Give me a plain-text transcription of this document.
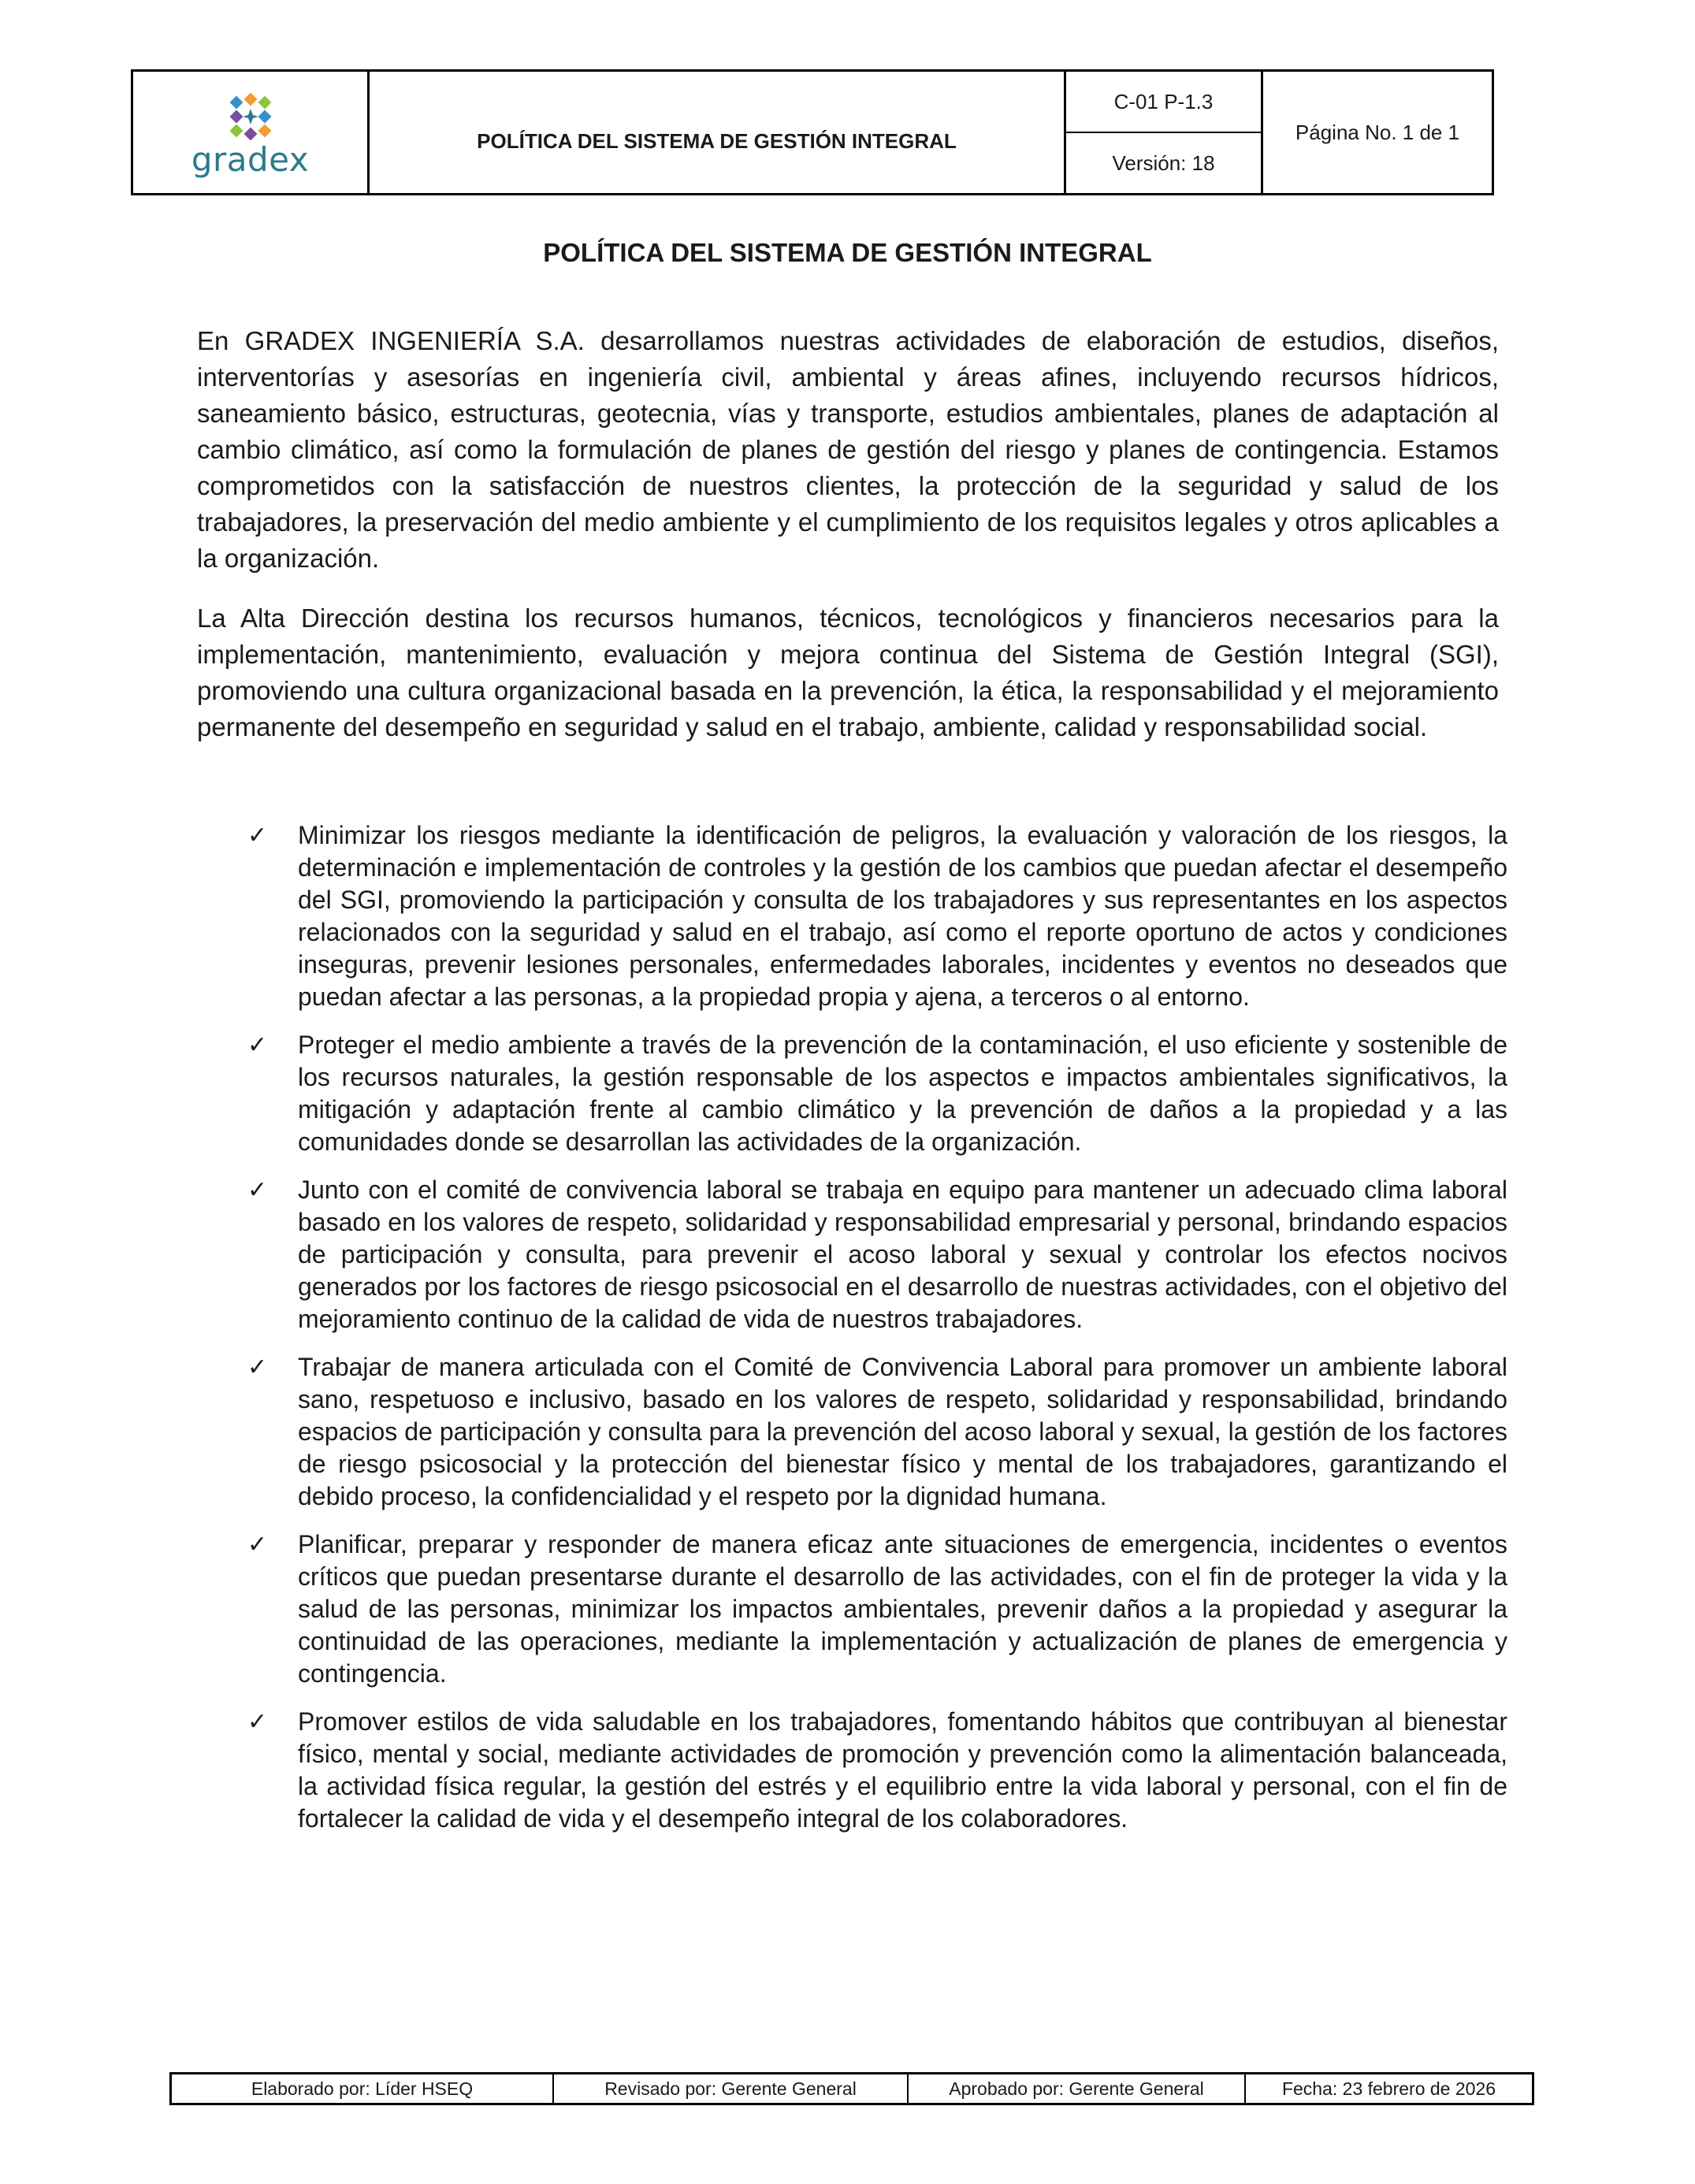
gradex	POLÍTICA DEL SISTEMA DE GESTIÓN INTEGRAL
C-01 P-1.3
Versión: 18
Página No. 1 de 1
POLÍTICA DEL SISTEMA DE GESTIÓN INTEGRAL

En GRADEX INGENIERÍA S.A. desarrollamos nuestras actividades de elaboración de estudios, diseños, interventorías y asesorías en ingeniería civil, ambiental y áreas afines, incluyendo recursos hídricos, saneamiento básico, estructuras, geotecnia, vías y transporte, estudios ambientales, planes de adaptación al cambio climático, así como la formulación de planes de gestión del riesgo y planes de contingencia. Estamos comprometidos con la satisfacción de nuestros clientes, la protección de la seguridad y salud de los trabajadores, la preservación del medio ambiente y el cumplimiento de los requisitos legales y otros aplicables a la organización.

La Alta Dirección destina los recursos humanos, técnicos, tecnológicos y financieros necesarios para la implementación, mantenimiento, evaluación y mejora continua del Sistema de Gestión Integral (SGI), promoviendo una cultura organizacional basada en la prevención, la ética, la responsabilidad y el mejoramiento permanente del desempeño en seguridad y salud en el trabajo, ambiente, calidad y responsabilidad social.

✓ Minimizar los riesgos mediante la identificación de peligros, la evaluación y valoración de los riesgos, la determinación e implementación de controles y la gestión de los cambios que puedan afectar el desempeño del SGI, promoviendo la participación y consulta de los trabajadores y sus representantes en los aspectos relacionados con la seguridad y salud en el trabajo, así como el reporte oportuno de actos y condiciones inseguras, prevenir lesiones personales, enfermedades laborales, incidentes y eventos no deseados que puedan afectar a las personas, a la propiedad propia y ajena, a terceros o al entorno.
✓ Proteger el medio ambiente a través de la prevención de la contaminación, el uso eficiente y sostenible de los recursos naturales, la gestión responsable de los aspectos e impactos ambientales significativos, la mitigación y adaptación frente al cambio climático y la prevención de daños a la propiedad y a las comunidades donde se desarrollan las actividades de la organización.
✓ Junto con el comité de convivencia laboral se trabaja en equipo para mantener un adecuado clima laboral basado en los valores de respeto, solidaridad y responsabilidad empresarial y personal, brindando espacios de participación y consulta, para prevenir el acoso laboral y sexual y controlar los efectos nocivos generados por los factores de riesgo psicosocial en el desarrollo de nuestras actividades, con el objetivo del mejoramiento continuo de la calidad de vida de nuestros trabajadores.
✓ Trabajar de manera articulada con el Comité de Convivencia Laboral para promover un ambiente laboral sano, respetuoso e inclusivo, basado en los valores de respeto, solidaridad y responsabilidad, brindando espacios de participación y consulta para la prevención del acoso laboral y sexual, la gestión de los factores de riesgo psicosocial y la protección del bienestar físico y mental de los trabajadores, garantizando el debido proceso, la confidencialidad y el respeto por la dignidad humana.
✓ Planificar, preparar y responder de manera eficaz ante situaciones de emergencia, incidentes o eventos críticos que puedan presentarse durante el desarrollo de las actividades, con el fin de proteger la vida y la salud de las personas, minimizar los impactos ambientales, prevenir daños a la propiedad y asegurar la continuidad de las operaciones, mediante la implementación y actualización de planes de emergencia y contingencia.
✓ Promover estilos de vida saludable en los trabajadores, fomentando hábitos que contribuyan al bienestar físico, mental y social, mediante actividades de promoción y prevención como la alimentación balanceada, la actividad física regular, la gestión del estrés y el equilibrio entre la vida laboral y personal, con el fin de fortalecer la calidad de vida y el desempeño integral de los colaboradores.
Elaborado por: Líder HSEQ	Revisado por: Gerente General	Aprobado por: Gerente General	Fecha: 23 febrero de 2026
